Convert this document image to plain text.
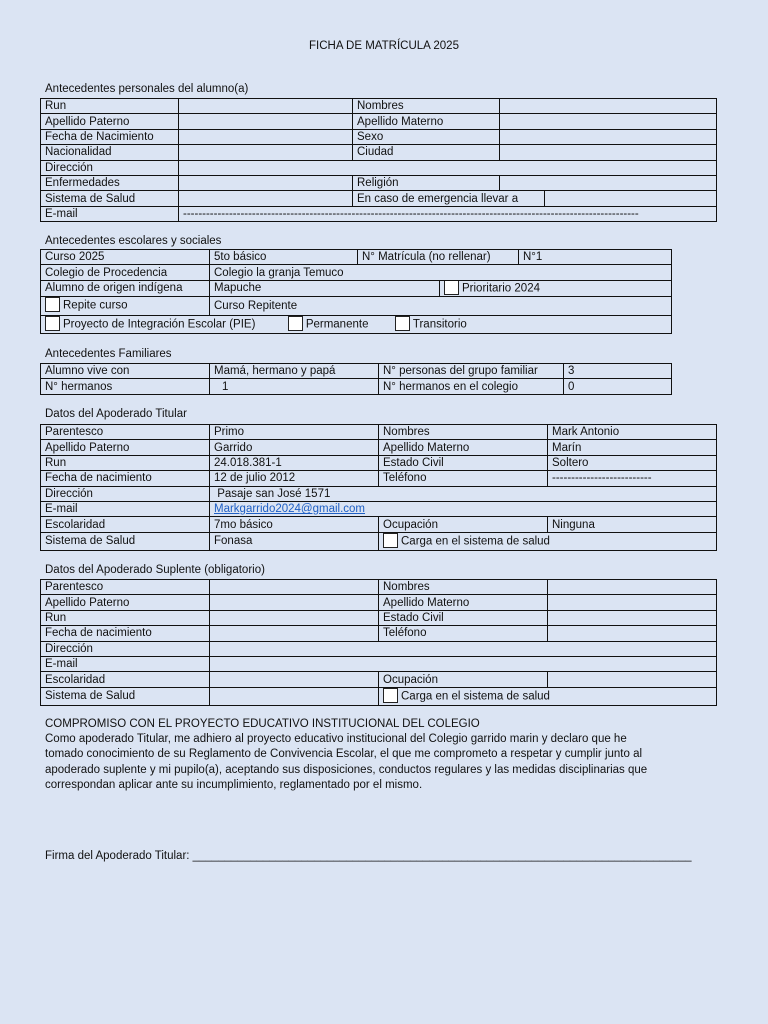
FICHA DE MATRÍCULA 2025
Antecedentes personales del alumno(a)
Run		Nombres		
Apellido Paterno		Apellido Materno		
Fecha de Nacimiento		Sexo		
Nacionalidad		Ciudad		
Dirección				
Enfermedades		Religión		
Sistema de Salud		En caso de emergencia llevar a		
E-mail	-----------------------------------------------------------------------------------------------------------------------			
Antecedentes escolares y sociales
Curso 2025	5to básico	N° Matrícula (no rellenar)		N°1
Colegio de Procedencia	Colegio la granja Temuco			
Alumno de origen indígena	Mapuche		Prioritario 2024	
Repite curso	Curso Repitente			
Proyecto de Integración Escolar (PIE) Permanente Transitorio				
Antecedentes Familiares
Alumno vive con	Mamá, hermano y papá	N° personas del grupo familiar	3
N° hermanos	1	N° hermanos en el colegio	0
Datos del Apoderado Titular
Parentesco	Primo	Nombres	Mark Antonio
Apellido Paterno	Garrido	Apellido Materno	Marín
Run	24.018.381-1	Estado Civil	Soltero
Fecha de nacimiento	12 de julio 2012	Teléfono	--------------------------
Dirección	Pasaje san José 1571		
E-mail	Markgarrido2024@gmail.com		
Escolaridad	7mo básico	Ocupación	Ninguna
Sistema de Salud	Fonasa	Carga en el sistema de salud	
Datos del Apoderado Suplente (obligatorio)
Parentesco		Nombres	
Apellido Paterno		Apellido Materno	
Run		Estado Civil	
Fecha de nacimiento		Teléfono	
Dirección			
E-mail			
Escolaridad		Ocupación	
Sistema de Salud		Carga en el sistema de salud	
COMPROMISO CON EL PROYECTO EDUCATIVO INSTITUCIONAL DEL COLEGIO
Como apoderado Titular, me adhiero al proyecto educativo institucional del Colegio garrido marin y declaro que he
tomado conocimiento de su Reglamento de Convivencia Escolar, el que me comprometo a respetar y cumplir junto al
apoderado suplente y mi pupilo(a), aceptando sus disposiciones, conductos regulares y las medidas disciplinarias que
correspondan aplicar ante su incumplimiento, reglamentado por el mismo.
Firma del Apoderado Titular: ______________________________________________________________________________
